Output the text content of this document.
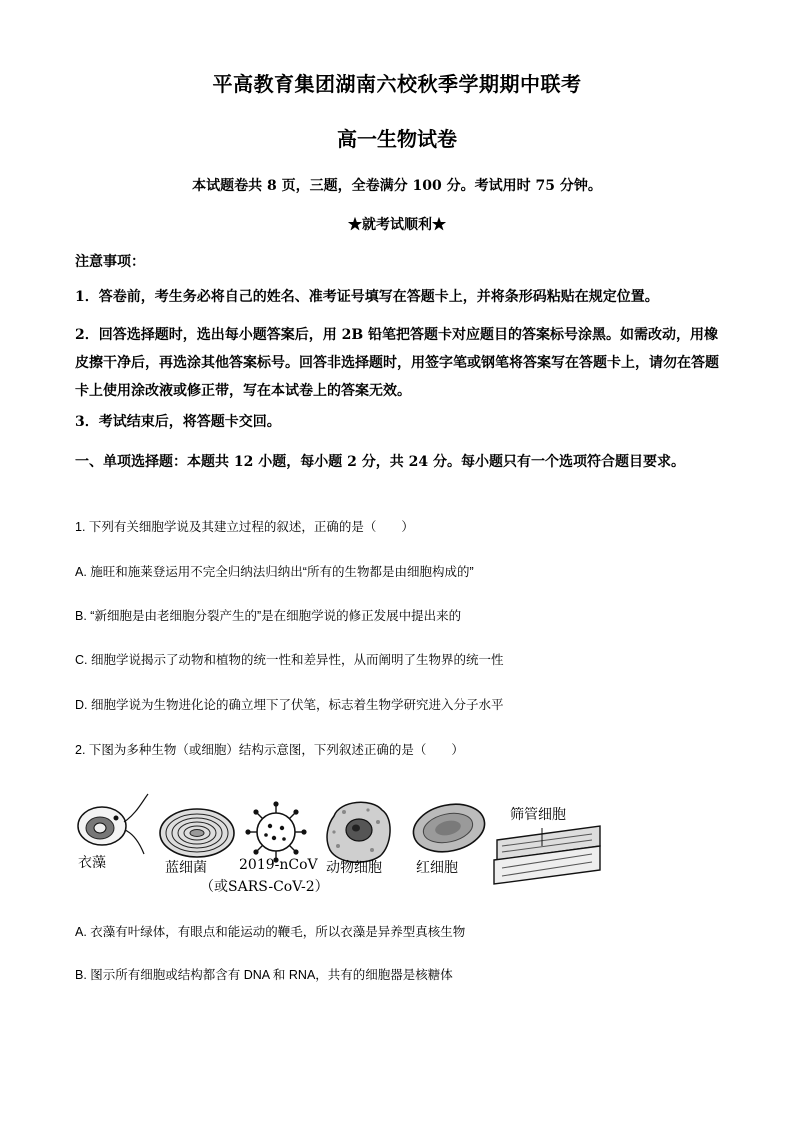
平高教育集团湖南六校秋季学期期中联考
高一生物试卷
本试题卷共 8 页，三题，全卷满分 100 分。考试用时 75 分钟。
★就考试顺利★
注意事项：
1．答卷前，考生务必将自己的姓名、准考证号填写在答题卡上，并将条形码粘贴在规定位置。
2．回答选择题时，选出每小题答案后，用 2B 铅笔把答题卡对应题目的答案标号涂黑。如需改动，用橡皮擦干净后，再选涂其他答案标号。回答非选择题时，用签字笔或钢笔将答案写在答题卡上，请勿在答题卡上使用涂改液或修正带，写在本试卷上的答案无效。
3．考试结束后，将答题卡交回。
一、单项选择题：本题共 12 小题，每小题 2 分，共 24 分。每小题只有一个选项符合题目要求。
1. 下列有关细胞学说及其建立过程的叙述，正确的是（　　）
A. 施旺和施莱登运用不完全归纳法归纳出“所有的生物都是由细胞构成的”
B. “新细胞是由老细胞分裂产生的”是在细胞学说的修正发展中提出来的
C. 细胞学说揭示了动物和植物的统一性和差异性，从而阐明了生物界的统一性
D. 细胞学说为生物进化论的确立埋下了伏笔，标志着生物学研究进入分子水平
2. 下图为多种生物（或细胞）结构示意图，下列叙述正确的是（　　）
衣藻	蓝细菌 2019-nCoV
（或SARS-CoV-2）
动物细胞 红细胞
筛管细胞
A. 衣藻有叶绿体，有眼点和能运动的鞭毛，所以衣藻是异养型真核生物
B. 图示所有细胞或结构都含有 DNA 和 RNA，共有的细胞器是核糖体
